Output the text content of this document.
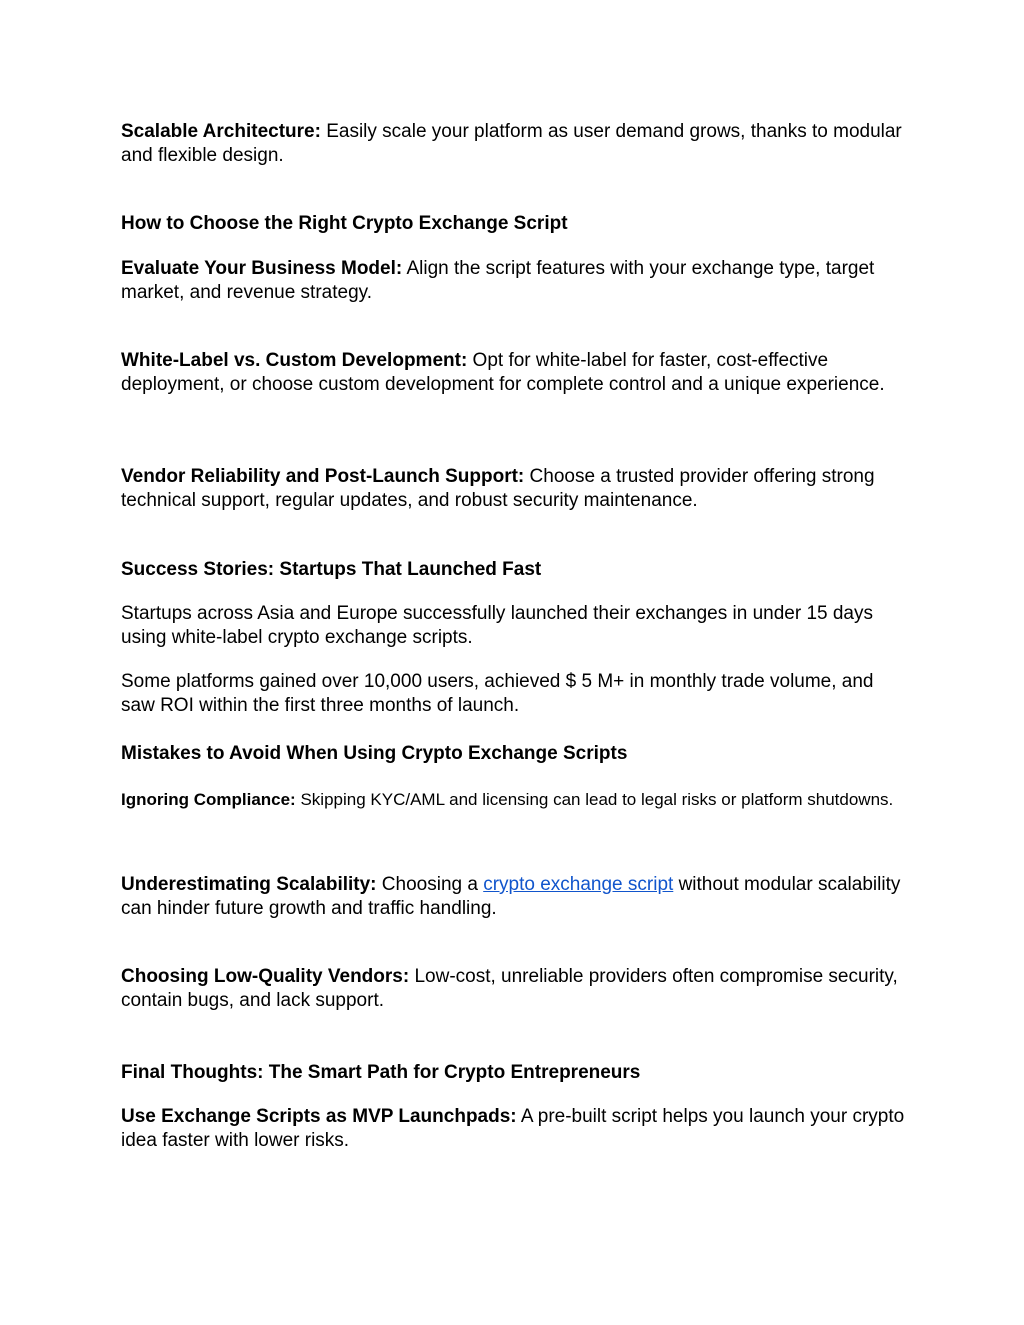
Scalable Architecture: Easily scale your platform as user demand grows, thanks to modular and flexible design.

How to Choose the Right Crypto Exchange Script

Evaluate Your Business Model: Align the script features with your exchange type, target market, and revenue strategy.

White-Label vs. Custom Development: Opt for white-label for faster, cost-effective deployment, or choose custom development for complete control and a unique experience.

Vendor Reliability and Post-Launch Support: Choose a trusted provider offering strong technical support, regular updates, and robust security maintenance.

Success Stories: Startups That Launched Fast

Startups across Asia and Europe successfully launched their exchanges in under 15 days using white-label crypto exchange scripts.

Some platforms gained over 10,000 users, achieved $ 5 M+ in monthly trade volume, and saw ROI within the first three months of launch.

Mistakes to Avoid When Using Crypto Exchange Scripts

Ignoring Compliance: Skipping KYC/AML and licensing can lead to legal risks or platform shutdowns.

Underestimating Scalability: Choosing a crypto exchange script without modular scalability can hinder future growth and traffic handling.

Choosing Low-Quality Vendors: Low-cost, unreliable providers often compromise security, contain bugs, and lack support.

Final Thoughts: The Smart Path for Crypto Entrepreneurs

Use Exchange Scripts as MVP Launchpads: A pre-built script helps you launch your crypto idea faster with lower risks.
